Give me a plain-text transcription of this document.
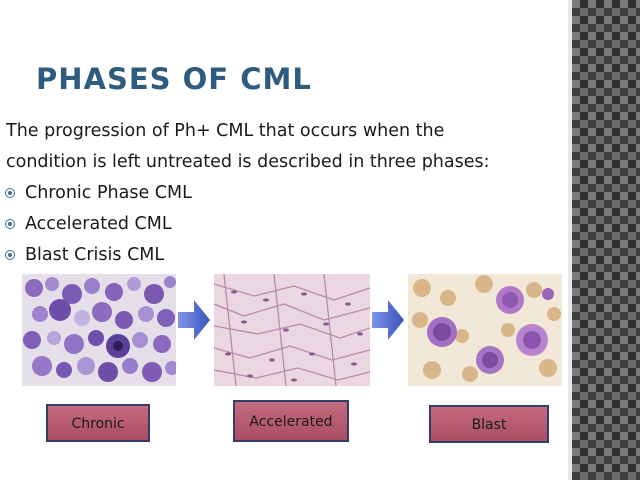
PHASES OF CML

The progression of Ph+ CML that occurs when the

condition is left untreated is described in three phases:

Chronic Phase CML
Accelerated CML
Blast Crisis CML
Chronic	Accelerated	Blast
